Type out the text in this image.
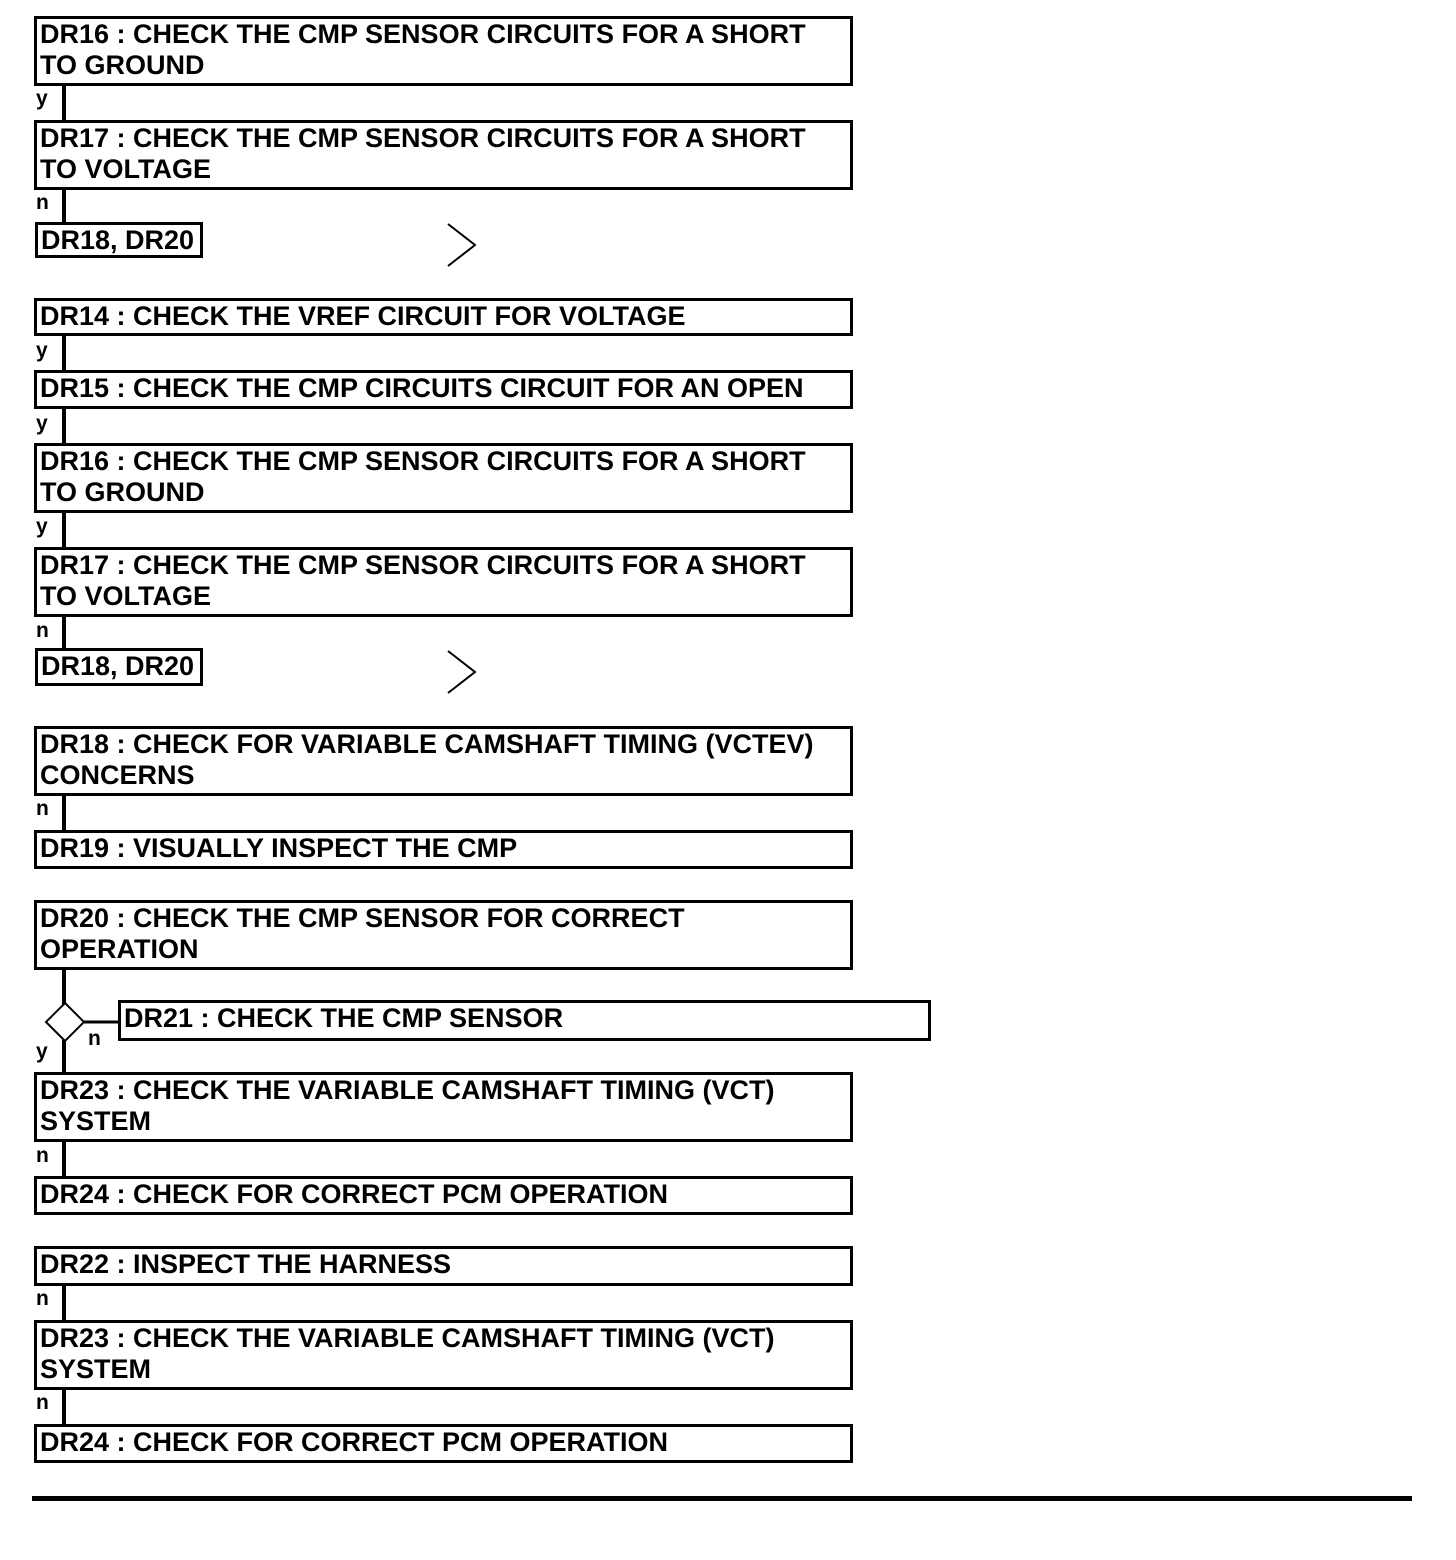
DR16 : CHECK THE CMP SENSOR CIRCUITS FOR A SHORT
TO GROUND
y
DR17 : CHECK THE CMP SENSOR CIRCUITS FOR A SHORT
TO VOLTAGE
n
DR18, DR20
DR14 : CHECK THE VREF CIRCUIT FOR VOLTAGE
y
DR15 : CHECK THE CMP CIRCUITS CIRCUIT FOR AN OPEN
y
DR16 : CHECK THE CMP SENSOR CIRCUITS FOR A SHORT
TO GROUND
y
DR17 : CHECK THE CMP SENSOR CIRCUITS FOR A SHORT
TO VOLTAGE
n
DR18, DR20
DR18 : CHECK FOR VARIABLE CAMSHAFT TIMING (VCTEV)
CONCERNS
n
DR19 : VISUALLY INSPECT THE CMP
DR20 : CHECK THE CMP SENSOR FOR CORRECT
OPERATION
DR21 : CHECK THE CMP SENSOR
n
y
DR23 : CHECK THE VARIABLE CAMSHAFT TIMING (VCT)
SYSTEM
n
DR24 : CHECK FOR CORRECT PCM OPERATION
DR22 : INSPECT THE HARNESS
n
DR23 : CHECK THE VARIABLE CAMSHAFT TIMING (VCT)
SYSTEM
n
DR24 : CHECK FOR CORRECT PCM OPERATION
